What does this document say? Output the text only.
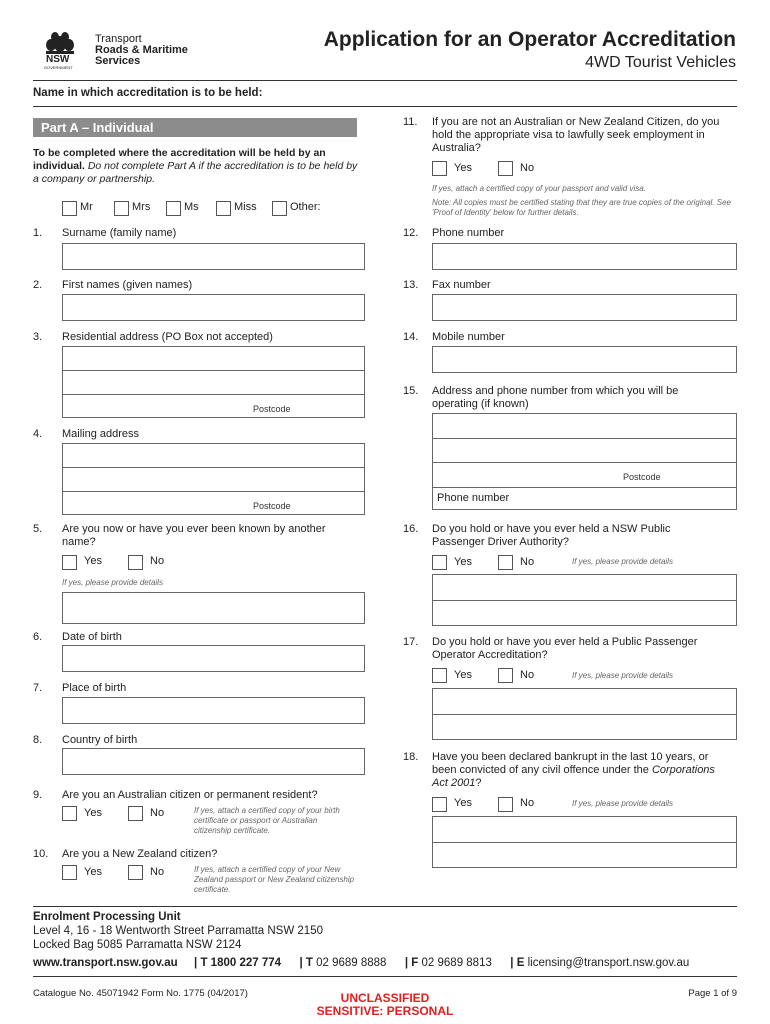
NSW
GOVERNMENT
Transport
Roads & Maritime
Services
Application for an Operator Accreditation
4WD Tourist Vehicles
Name in which accreditation is to be held:
Part A – Individual
To be completed where the accreditation will be held by an individual. Do not complete Part A if the accreditation is to be held by a company or partnership.
Mr	Mrs	Ms	Miss	Other:
1. Surname (family name)
2. First names (given names)
3. Residential address (PO Box not accepted)
Postcode
4. Mailing address
Postcode
5. Are you now or have you ever been known by another name?
Yes	No
If yes, please provide details
6. Date of birth
7. Place of birth
8. Country of birth
9. Are you an Australian citizen or permanent resident?
Yes	No	If yes, attach a certified copy of your birth certificate or passport or Australian citizenship certificate.
10. Are you a New Zealand citizen?
Yes	No	If yes, attach a certified copy of your New Zealand passport or New Zealand citizenship certificate.
11. If you are not an Australian or New Zealand Citizen, do you hold the appropriate visa to lawfully seek employment in Australia?
Yes	No
If yes, attach a certified copy of your passport and valid visa.
Note: All copies must be certified stating that they are true copies of the original. See 'Proof of Identity' below for further details.
12. Phone number
13. Fax number
14. Mobile number
15. Address and phone number from which you will be operating (if known)
Postcode
Phone number
16. Do you hold or have you ever held a NSW Public Passenger Driver Authority?
Yes	No	If yes, please provide details
17. Do you hold or have you ever held a Public Passenger Operator Accreditation?
Yes	No	If yes, please provide details
18. Have you been declared bankrupt in the last 10 years, or been convicted of any civil offence under the Corporations Act 2001?
Yes	No	If yes, please provide details
Enrolment Processing Unit
Level 4, 16 - 18 Wentworth Street Parramatta NSW 2150
Locked Bag 5085 Parramatta NSW 2124
www.transport.nsw.gov.au | T 1800 227 774 | T 02 9689 8888 | F 02 9689 8813 | E licensing@transport.nsw.gov.au
Catalogue No. 45071942 Form No. 1775 (04/2017)	UNCLASSIFIED
SENSITIVE: PERSONAL
Page 1 of 9
